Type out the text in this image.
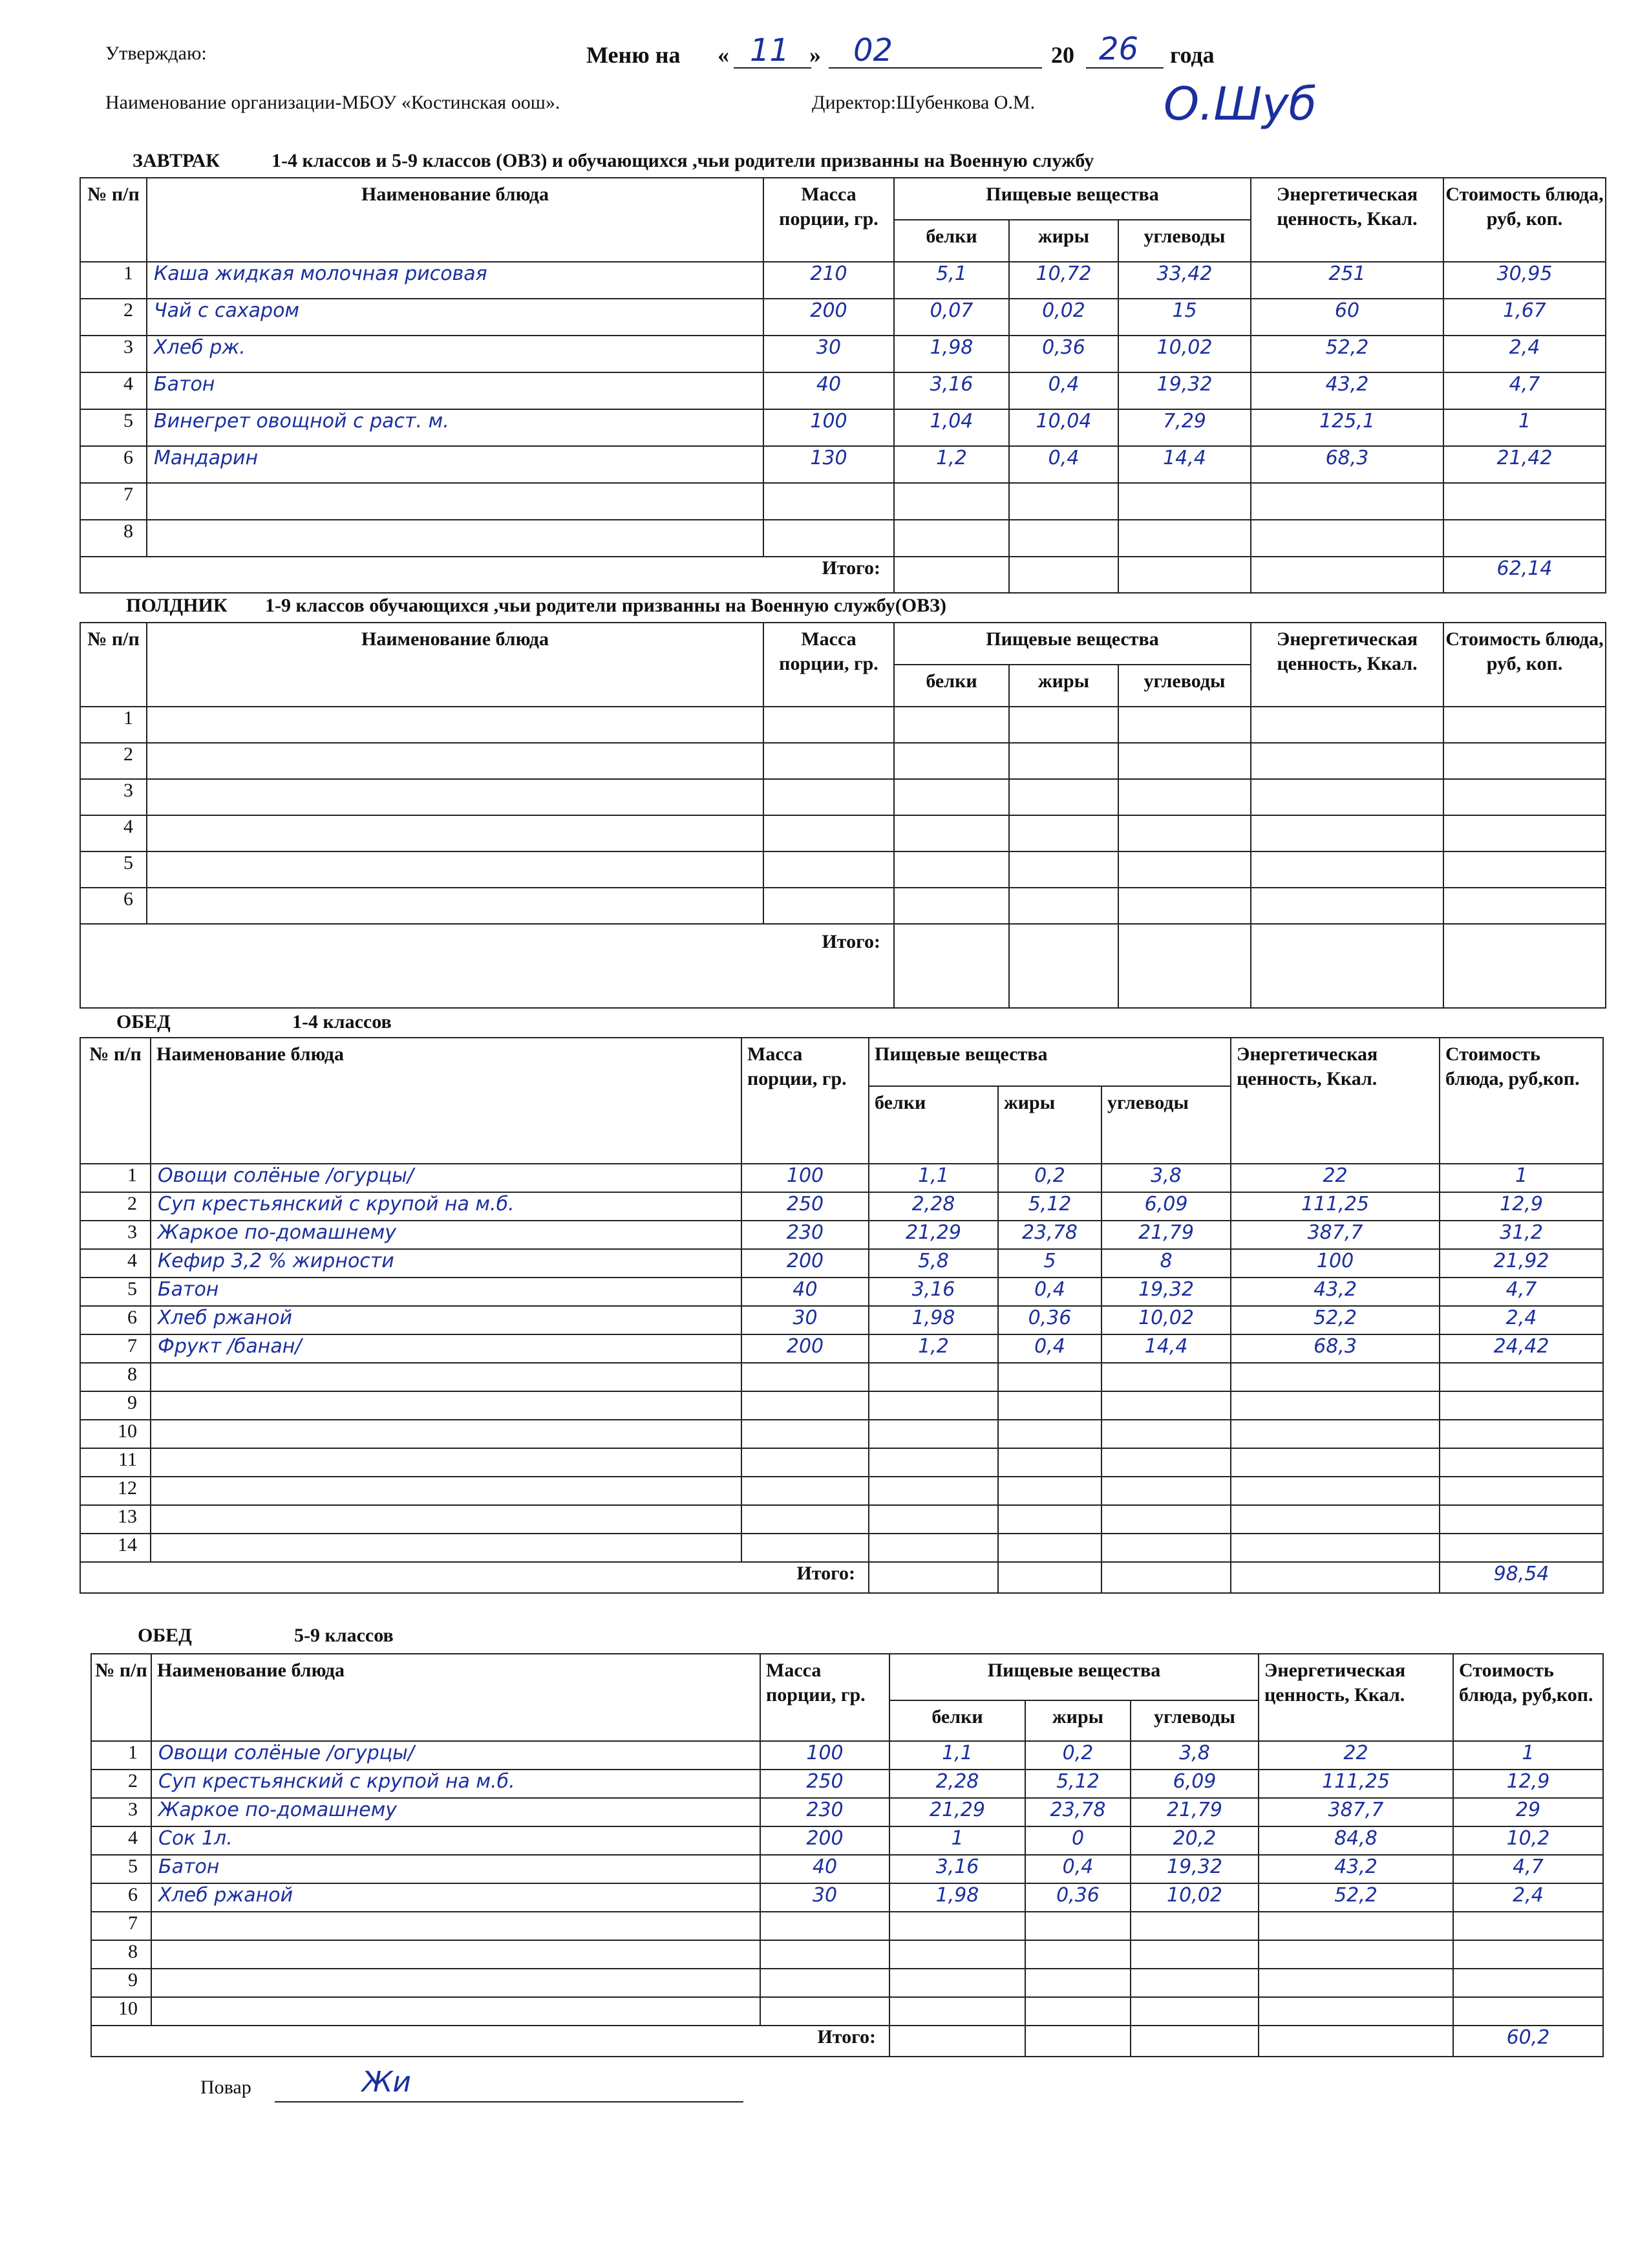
Утверждаю:	Меню на « 11 » 02	20 26 года
Наименование организации-МБОУ «Костинская оош».	Директор:Шубенкова О.М.	О.Шуб
ЗАВТРАК	1-4 классов и 5-9 классов (ОВЗ) и обучающихся ,чьи родители призванны на Военную службу
№ п/п	Наименование блюда	Масса порции, гр.	Пищевые вещества			Энергетическая ценность, Ккал.	Стоимость блюда, руб, коп.
			белки	жиры	углеводы		
1	Каша жидкая молочная рисовая	210	5,1	10,72	33,42	251	30,95
2	Чай с сахаром	200	0,07	0,02	15	60	1,67
3	Хлеб рж.	30	1,98	0,36	10,02	52,2	2,4
4	Батон	40	3,16	0,4	19,32	43,2	4,7
5	Винегрет овощной с раст. м.	100	1,04	10,04	7,29	125,1	1
6	Мандарин	130	1,2	0,4	14,4	68,3	21,42
7							
8							
Итого:							62,14
ПОЛДНИК 1-9 классов обучающихся ,чьи родители призванны на Военную службу(ОВЗ)
№ п/п	Наименование блюда	Масса порции, гр.	Пищевые вещества			Энергетическая ценность, Ккал.	Стоимость блюда, руб, коп.
			белки	жиры	углеводы		
1							
2							
3							
4							
5							
6							
Итого:							
ОБЕД	1-4 классов
№ п/п	Наименование блюда	Масса порции, гр.	Пищевые вещества			Энергетическая ценность, Ккал.	Стоимость блюда, руб,коп.
			белки	жиры	углеводы		
1	Овощи солёные /огурцы/	100	1,1	0,2	3,8	22	1
2	Суп крестьянский с крупой на м.б.	250	2,28	5,12	6,09	111,25	12,9
3	Жаркое по-домашнему	230	21,29	23,78	21,79	387,7	31,2
4	Кефир 3,2 % жирности	200	5,8	5	8	100	21,92
5	Батон	40	3,16	0,4	19,32	43,2	4,7
6	Хлеб ржаной	30	1,98	0,36	10,02	52,2	2,4
7	Фрукт /банан/	200	1,2	0,4	14,4	68,3	24,42
8							
9							
10							
11							
12							
13							
14							
Итого:							98,54
ОБЕД	5-9 классов
№ п/п	Наименование блюда	Масса порции, гр.	Пищевые вещества			Энергетическая ценность, Ккал.	Стоимость блюда, руб,коп.
			белки	жиры	углеводы		
1	Овощи солёные /огурцы/	100	1,1	0,2	3,8	22	1
2	Суп крестьянский с крупой на м.б.	250	2,28	5,12	6,09	111,25	12,9
3	Жаркое по-домашнему	230	21,29	23,78	21,79	387,7	29
4	Сок 1л.	200	1	0	20,2	84,8	10,2
5	Батон	40	3,16	0,4	19,32	43,2	4,7
6	Хлеб ржаной	30	1,98	0,36	10,02	52,2	2,4
7							
8							
9							
10							
Итого:							60,2
Повар	Жи
